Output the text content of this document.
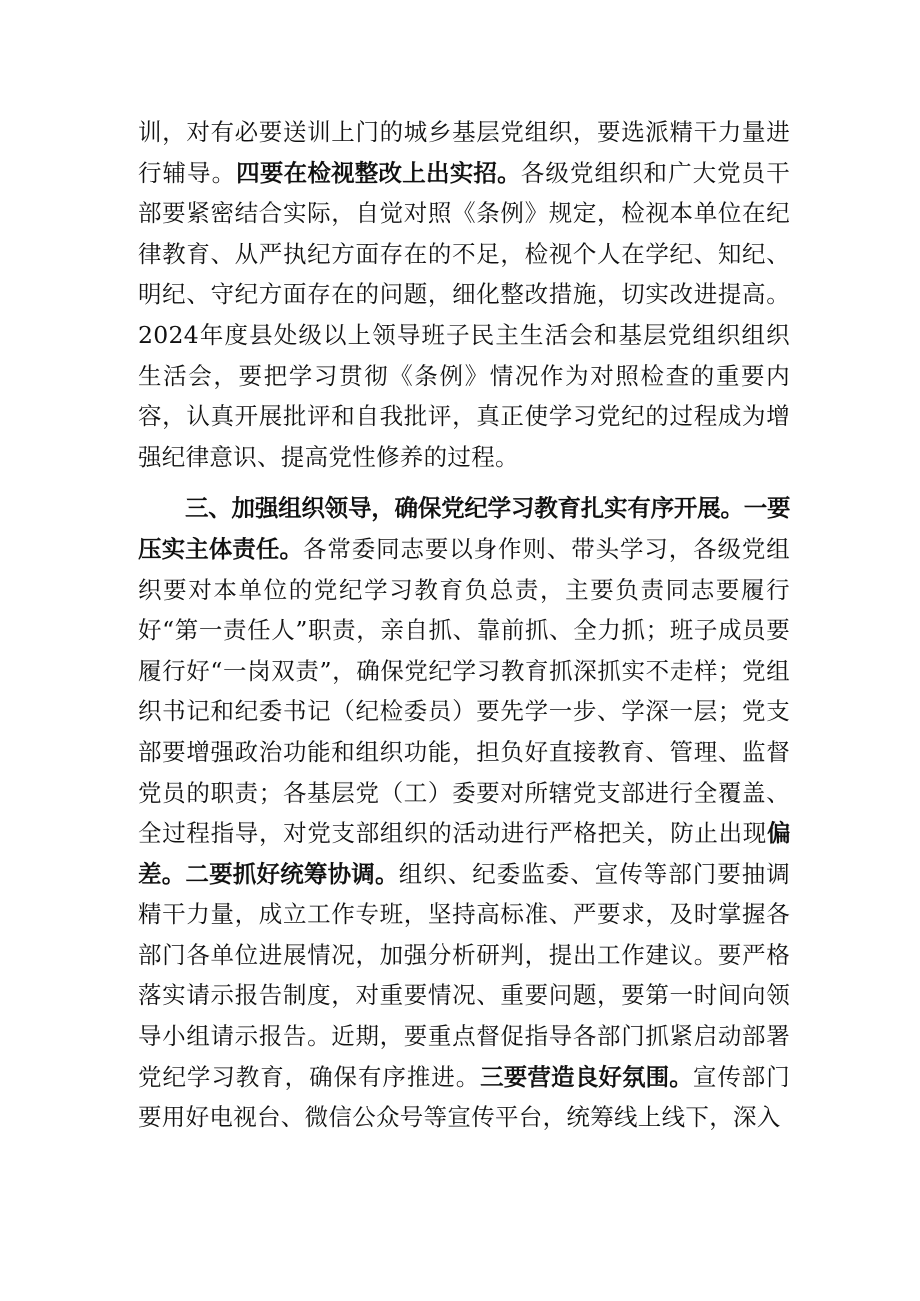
训，对有必要送训上门的城乡基层党组织，要选派精干力量进行辅导。四要在检视整改上出实招。各级党组织和广大党员干部要紧密结合实际，自觉对照《条例》规定，检视本单位在纪律教育、从严执纪方面存在的不足，检视个人在学纪、知纪、明纪、守纪方面存在的问题，细化整改措施，切实改进提高。2024年度县处级以上领导班子民主生活会和基层党组织组织生活会，要把学习贯彻《条例》情况作为对照检查的重要内容，认真开展批评和自我批评，真正使学习党纪的过程成为增强纪律意识、提高党性修养的过程。

三、加强组织领导，确保党纪学习教育扎实有序开展。一要压实主体责任。各常委同志要以身作则、带头学习，各级党组织要对本单位的党纪学习教育负总责，主要负责同志要履行好“第一责任人”职责，亲自抓、靠前抓、全力抓；班子成员要履行好“一岗双责”，确保党纪学习教育抓深抓实不走样；党组织书记和纪委书记（纪检委员）要先学一步、学深一层；党支部要增强政治功能和组织功能，担负好直接教育、管理、监督党员的职责；各基层党（工）委要对所辖党支部进行全覆盖、全过程指导，对党支部组织的活动进行严格把关，防止出现偏差。二要抓好统筹协调。组织、纪委监委、宣传等部门要抽调精干力量，成立工作专班，坚持高标准、严要求，及时掌握各部门各单位进展情况，加强分析研判，提出工作建议。要严格落实请示报告制度，对重要情况、重要问题，要第一时间向领导小组请示报告。近期，要重点督促指导各部门抓紧启动部署党纪学习教育，确保有序推进。三要营造良好氛围。宣传部门要用好电视台、微信公众号等宣传平台，统筹线上线下，深入
